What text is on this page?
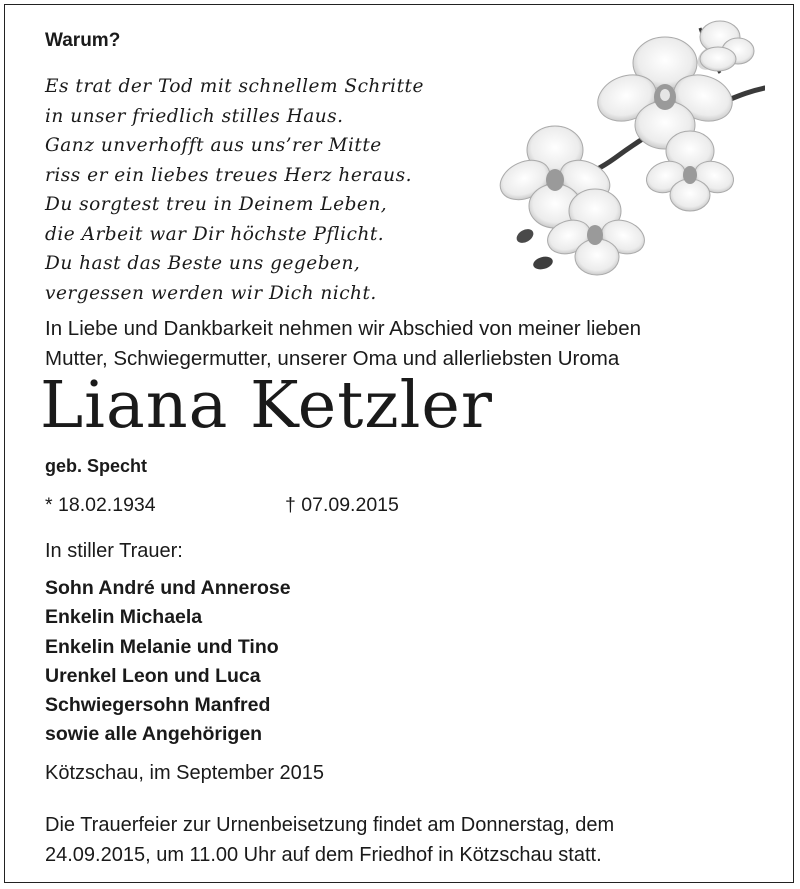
Warum?
Es trat der Tod mit schnellem Schritte
in unser friedlich stilles Haus.
Ganz unverhofft aus uns’rer Mitte
riss er ein liebes treues Herz heraus.
Du sorgtest treu in Deinem Leben,
die Arbeit war Dir höchste Pflicht.
Du hast das Beste uns gegeben,
vergessen werden wir Dich nicht.
In Liebe und Dankbarkeit nehmen wir Abschied von meiner lieben
Mutter, Schwiegermutter, unserer Oma und allerliebsten Uroma
Liana Ketzler
geb. Specht
* 18.02.1934	† 07.09.2015
In stiller Trauer:
Sohn André und Annerose
Enkelin Michaela
Enkelin Melanie und Tino
Urenkel Leon und Luca
Schwiegersohn Manfred
sowie alle Angehörigen
Kötzschau, im September 2015
Die Trauerfeier zur Urnenbeisetzung findet am Donnerstag, dem
24.09.2015, um 11.00 Uhr auf dem Friedhof in Kötzschau statt.
